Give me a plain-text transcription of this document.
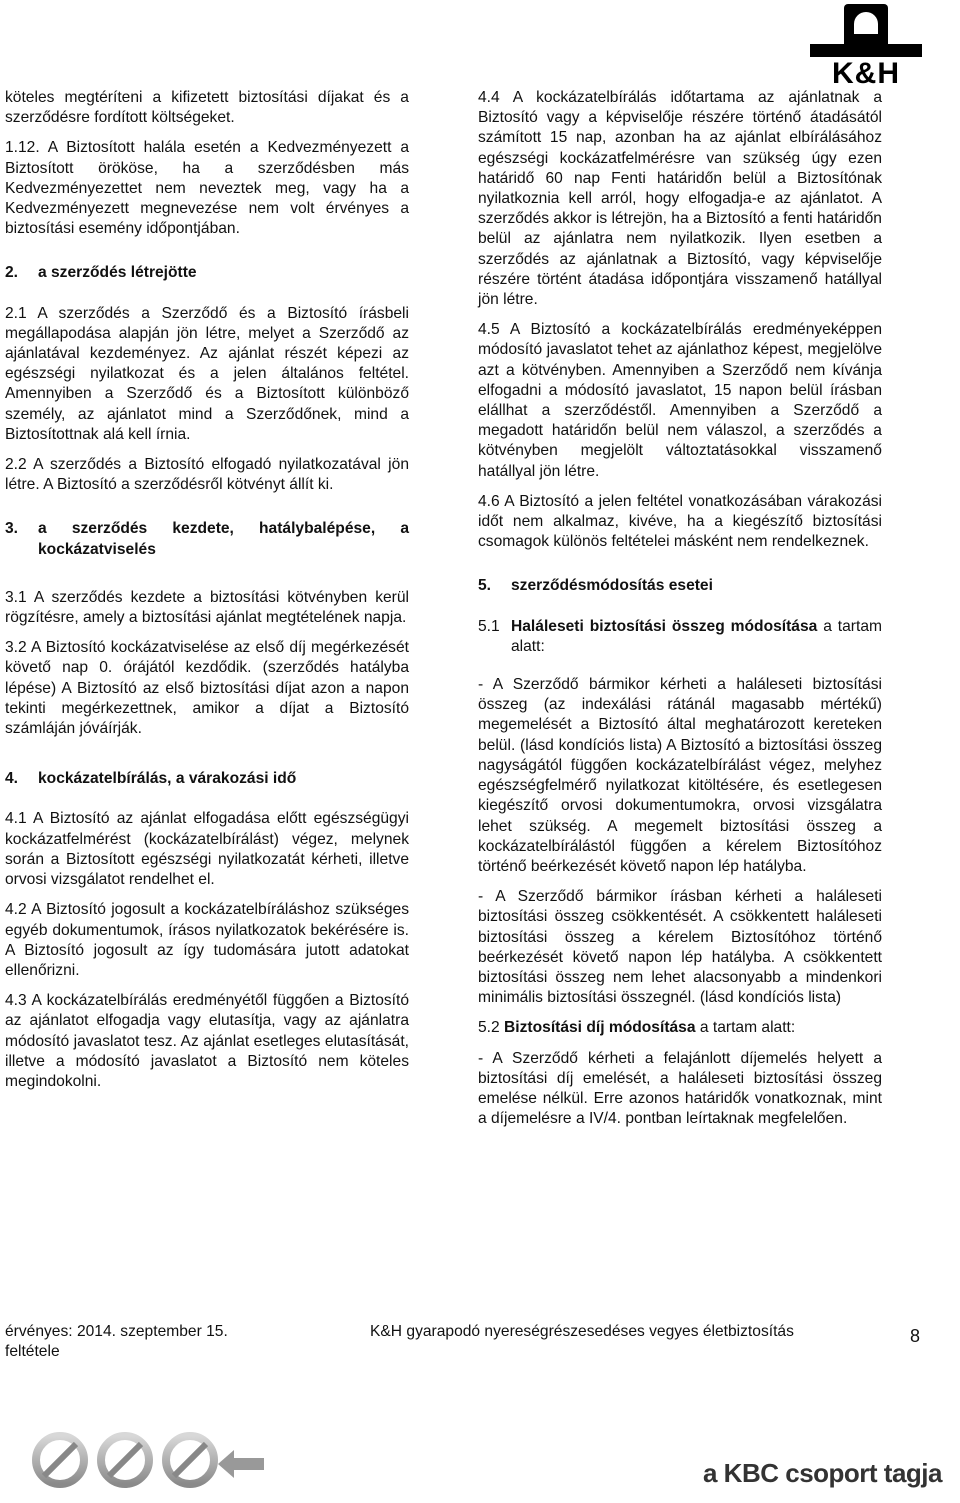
K&H

köteles megtéríteni a kifizetett biztosítási díjakat és a szerződésre fordított költségeket.

1.12. A Biztosított halála esetén a Kedvezményezett a Biztosított örököse, ha a szerződésben más Kedvezményezettet nem neveztek meg, vagy ha a Kedvezményezett megnevezése nem volt érvényes a biztosítási esemény időpontjában.

2. a szerződés létrejötte

2.1 A szerződés a Szerződő és a Biztosító írásbeli megállapodása alapján jön létre, melyet a Szerződő az ajánlatával kezdeményez. Az ajánlat részét képezi az egészségi nyilatkozat és a jelen általános feltétel. Amennyiben a Szerződő és a Biztosított különböző személy, az ajánlatot mind a Szerződőnek, mind a Biztosítottnak alá kell írnia.

2.2 A szerződés a Biztosító elfogadó nyilatkozatával jön létre. A Biztosító a szerződésről kötvényt állít ki.

3.	a szerződés kezdete, hatálybalépése, a kockázatviselés

3.1 A szerződés kezdete a biztosítási kötvényben kerül rögzítésre, amely a biztosítási ajánlat megtételének napja.

3.2 A Biztosító kockázatviselése az első díj megérkezését követő nap 0. órájától kezdődik. (szerződés hatályba lépése) A Biztosító az első biztosítási díjat azon a napon tekinti megérkezettnek, amikor a díjat a Biztosító számláján jóváírják.

4. kockázatelbírálás, a várakozási idő

4.1 A Biztosító az ajánlat elfogadása előtt egészségügyi kockázatfelmérést (kockázatelbírálást) végez, melynek során a Biztosított egészségi nyilatkozatát kérheti, illetve orvosi vizsgálatot rendelhet el.

4.2 A Biztosító jogosult a kockázatelbíráláshoz szükséges egyéb dokumentumok, írásos nyilatkozatok bekérésére is. A Biztosító jogosult az így tudomására jutott adatokat ellenőrizni.

4.3 A kockázatelbírálás eredményétől függően a Biztosító az ajánlatot elfogadja vagy elutasítja, vagy az ajánlatra módosító javaslatot tesz. Az ajánlat esetleges elutasítását, illetve a módosító javaslatot a Biztosító nem köteles megindokolni.

4.4 A kockázatelbírálás időtartama az ajánlatnak a Biztosító vagy a képviselője részére történő átadásától számított 15 nap, azonban ha az ajánlat elbírálásához egészségi kockázatfelmérésre van szükség úgy ezen határidő 60 nap Fenti határidőn belül a Biztosítónak nyilatkoznia kell arról, hogy elfogadja-e az ajánlatot. A szerződés akkor is létrejön, ha a Biztosító a fenti határidőn belül az ajánlatra nem nyilatkozik. Ilyen esetben a szerződés az ajánlatnak a Biztosító, vagy képviselője részére történt átadása időpontjára visszamenő hatállyal jön létre.

4.5 A Biztosító a kockázatelbírálás eredményeképpen módosító javaslatot tehet az ajánlathoz képest, megjelölve azt a kötvényben. Amennyiben a Szerződő nem kívánja elfogadni a módosító javaslatot, 15 napon belül írásban elállhat a szerződéstől. Amennyiben a Szerződő a megadott határidőn belül nem válaszol, a szerződés a kötvényben megjelölt változtatásokkal visszamenő hatállyal jön létre.

4.6 A Biztosító a jelen feltétel vonatkozásában várakozási időt nem alkalmaz, kivéve, ha a kiegészítő biztosítási csomagok különös feltételei másként nem rendelkeznek.

5. szerződésmódosítás esetei

5.1 Haláleseti biztosítási összeg módosítása a tartam alatt:

- A Szerződő bármikor kérheti a haláleseti biztosítási összeg (az indexálási rátánál magasabb mértékű) megemelését a Biztosító által meghatározott kereteken belül. (lásd kondíciós lista) A Biztosító a biztosítási összeg nagyságától függően kockázatelbírálást végez, melyhez egészségfelmérő nyilatkozat kitöltésére, és esetlegesen kiegészítő orvosi dokumentumokra, orvosi vizsgálatra lehet szükség. A megemelt biztosítási összeg a kockázatelbírálástól függően a kérelem Biztosítóhoz történő beérkezését követő napon lép hatályba.

- A Szerződő bármikor írásban kérheti a haláleseti biztosítási összeg csökkentését. A csökkentett haláleseti biztosítási összeg a kérelem Biztosítóhoz történő beérkezését követő napon lép hatályba. A csökkentett biztosítási összeg nem lehet alacsonyabb a mindenkori minimális biztosítási összegnél. (lásd kondíciós lista)

5.2 Biztosítási díj módosítása a tartam alatt:

- A Szerződő kérheti a felajánlott díjemelés helyett a biztosítási díj emelését, a haláleseti biztosítási összeg emelése nélkül. Erre azonos határidők vonatkoznak, mint a díjemelésre a IV/4. pontban leírtaknak megfelelően.

érvényes: 2014. szeptember 15.
feltétele
K&H gyarapodó nyereségrészesedéses vegyes életbiztosítás	8
a KBC csoport tagja
